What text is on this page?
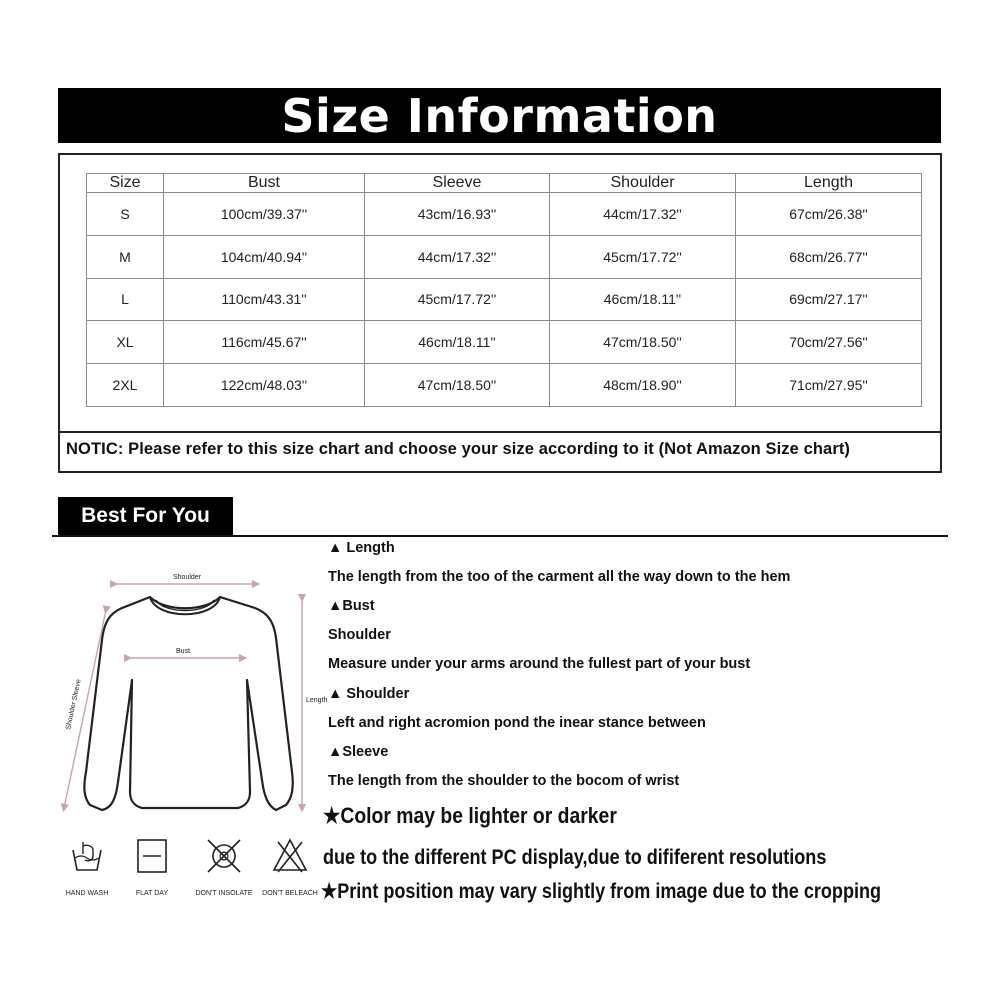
Size Information
Size	Bust	Sleeve	Shoulder	Length
S	100cm/39.37''	43cm/16.93''	44cm/17.32''	67cm/26.38''
M	104cm/40.94''	44cm/17.32''	45cm/17.72''	68cm/26.77''
L	110cm/43.31''	45cm/17.72''	46cm/18.11''	69cm/27.17''
XL	116cm/45.67''	46cm/18.11''	47cm/18.50''	70cm/27.56''
2XL	122cm/48.03''	47cm/18.50''	48cm/18.90''	71cm/27.95''
NOTIC: Please refer to this size chart and choose your size according to it (Not Amazon Size chart)
Best For You
Shoulder
Bust
Length
Shoulder Sleeve
HAND WASH	FLAT DAY	DON'T INSOLATE	DON'T BELEACH
▲ Length
The length from the too of the carment all the way down to the hem
▲Bust
Shoulder
Measure under your arms around the fullest part of your bust
▲ Shoulder
Left and right acromion pond the inear stance between
▲Sleeve
The length from the shoulder to the bocom of wrist
★Color may be lighter or darker
due to the different PC display,due to dififerent resolutions
★Print position may vary slightly from image due to the cropping
